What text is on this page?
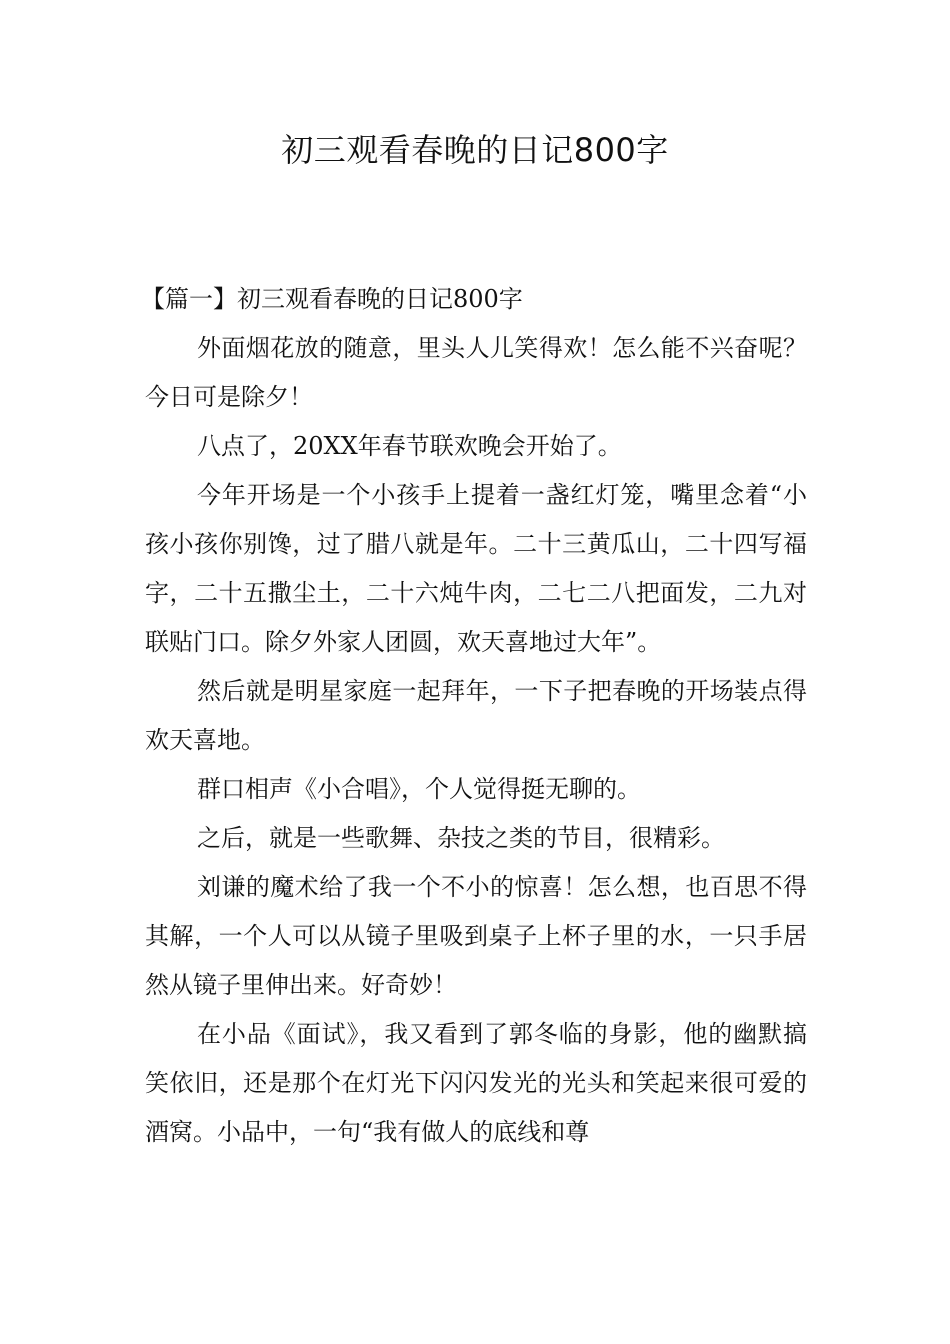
初三观看春晚的日记800字

【篇一】初三观看春晚的日记800字

外面烟花放的随意，里头人儿笑得欢！怎么能不兴奋呢？今日可是除夕！

八点了，20XX年春节联欢晚会开始了。

今年开场是一个小孩手上提着一盏红灯笼，嘴里念着“小孩小孩你别馋，过了腊八就是年。二十三黄瓜山，二十四写福字，二十五撒尘土，二十六炖牛肉，二七二八把面发，二九对联贴门口。除夕外家人团圆，欢天喜地过大年”。

然后就是明星家庭一起拜年，一下子把春晚的开场装点得欢天喜地。

群口相声《小合唱》，个人觉得挺无聊的。

之后，就是一些歌舞、杂技之类的节目，很精彩。

刘谦的魔术给了我一个不小的惊喜！怎么想，也百思不得其解，一个人可以从镜子里吸到桌子上杯子里的水，一只手居然从镜子里伸出来。好奇妙！

在小品《面试》，我又看到了郭冬临的身影，他的幽默搞笑依旧，还是那个在灯光下闪闪发光的光头和笑起来很可爱的酒窝。小品中，一句“我有做人的底线和尊
